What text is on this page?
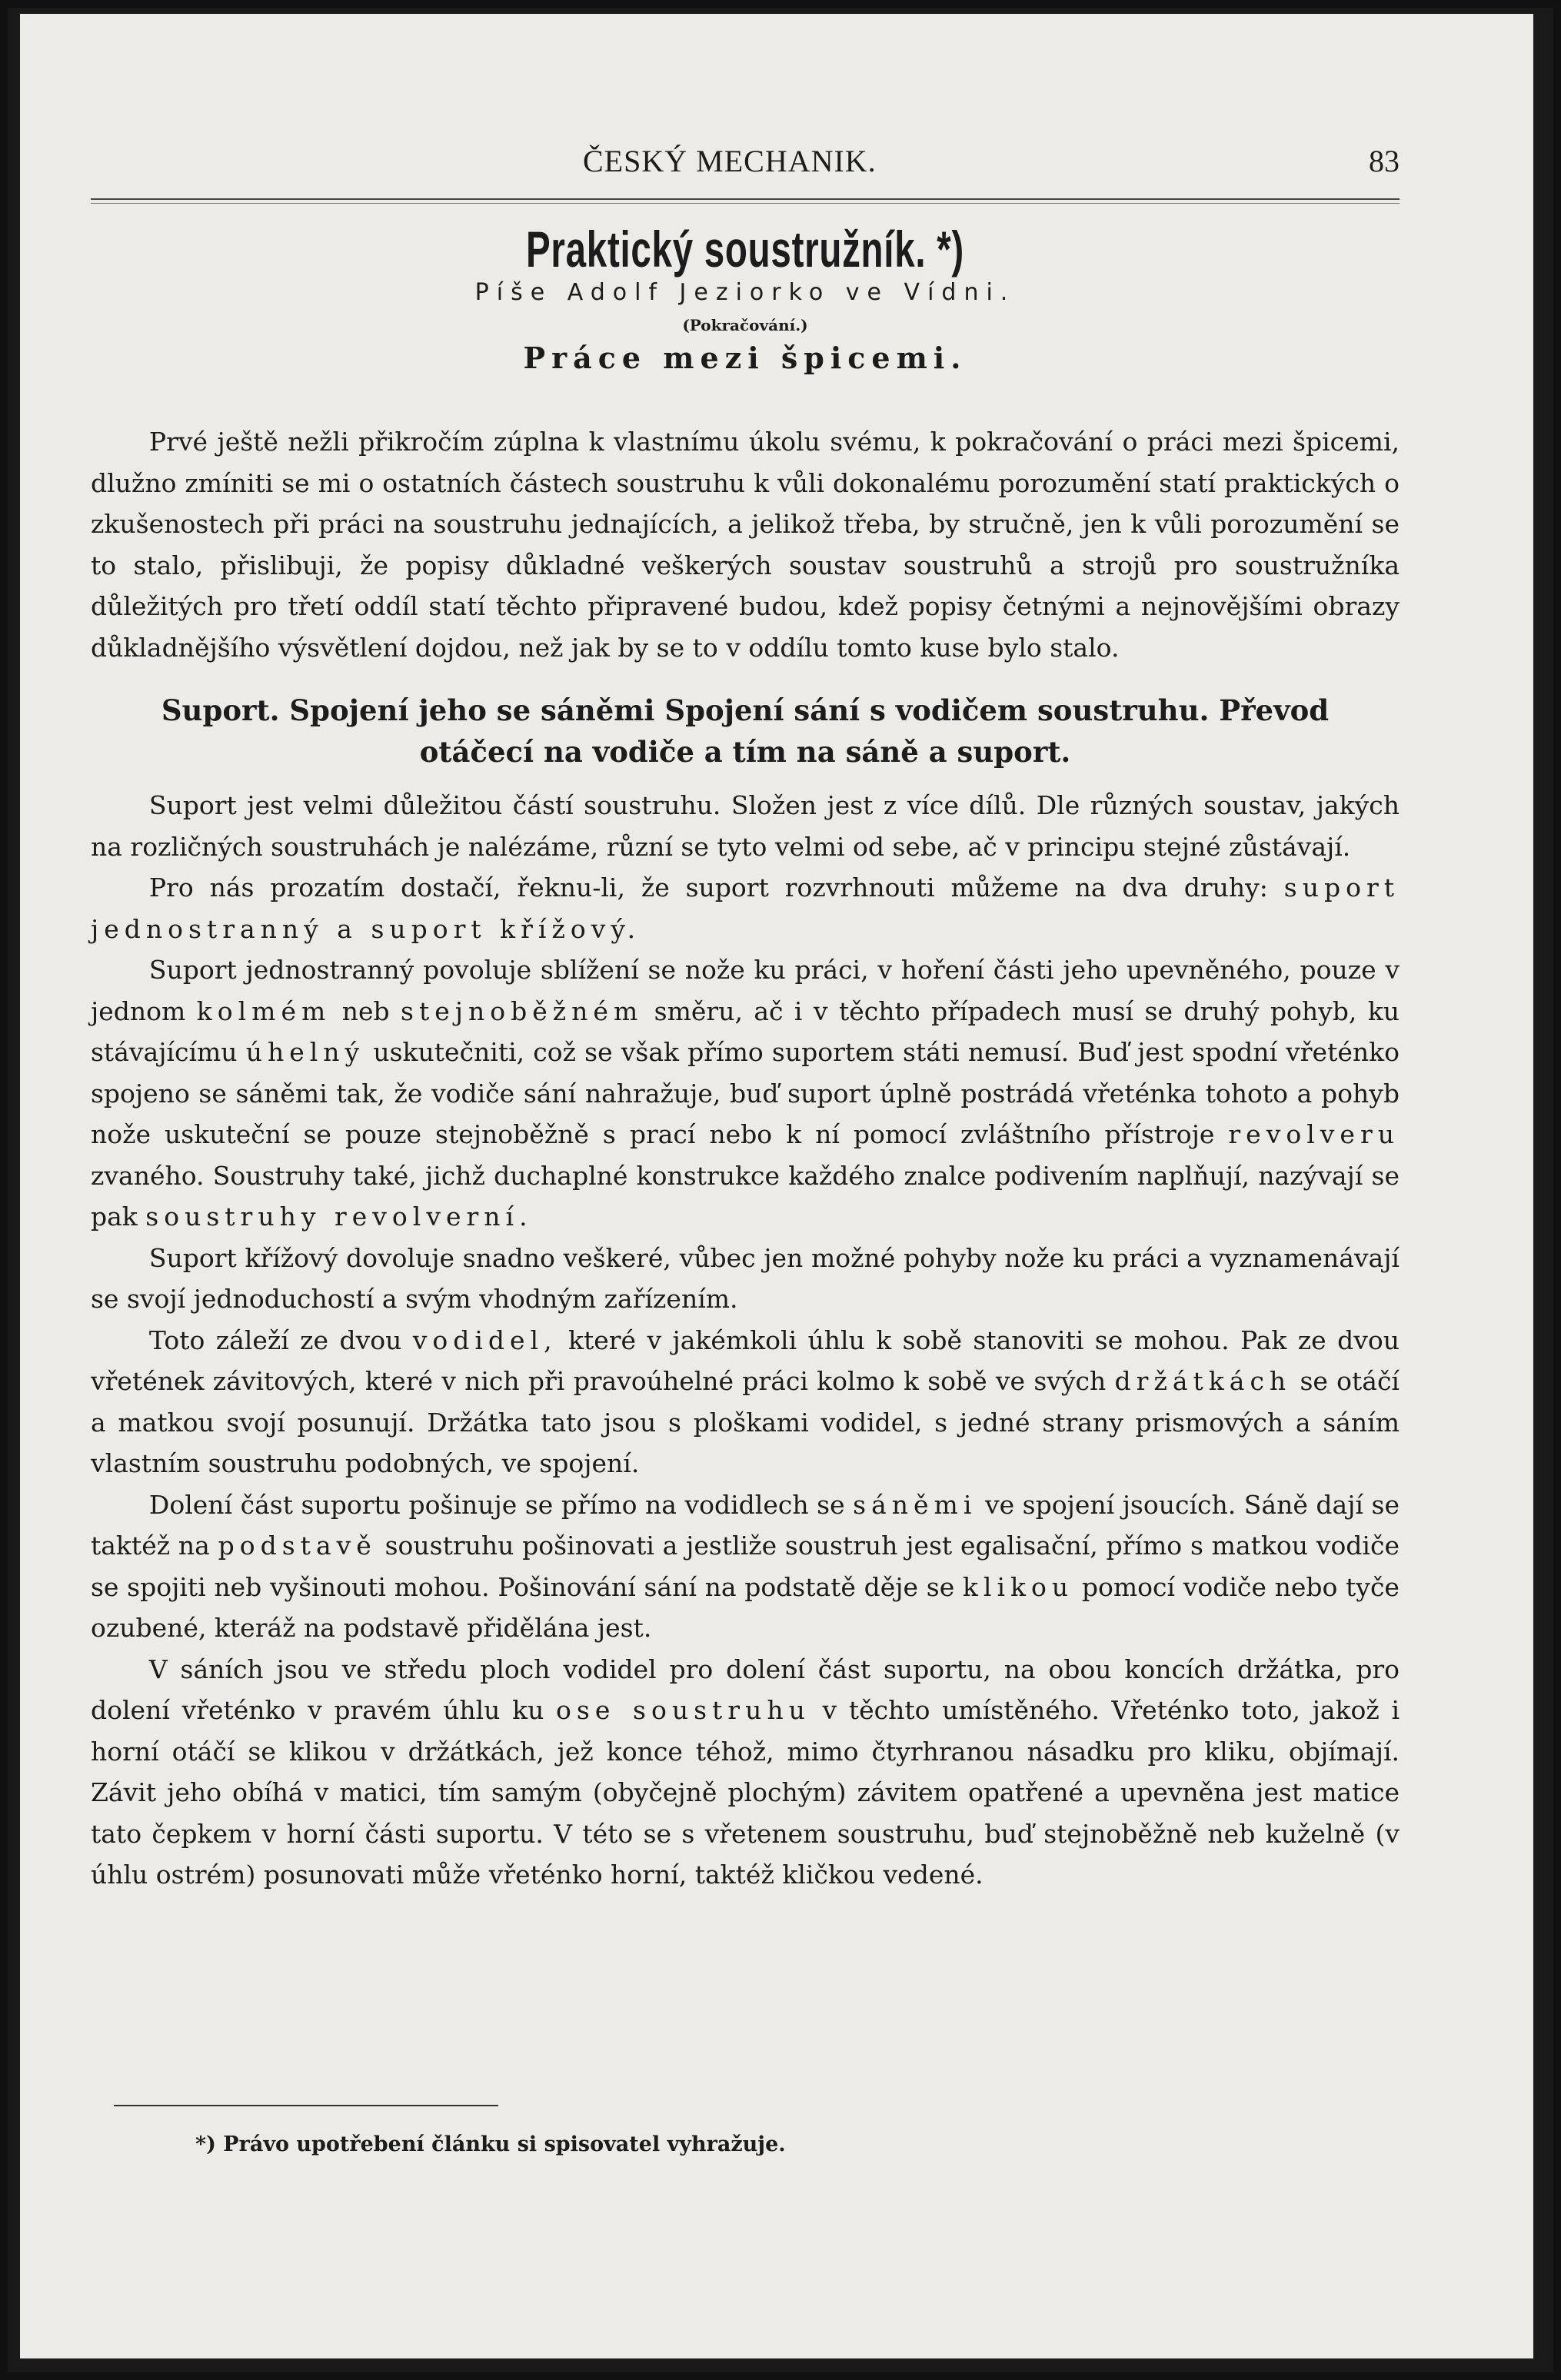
ČESKÝ MECHANIK.	83
Praktický soustružník. *)
Píše Adolf Jeziorko ve Vídni.
(Pokračování.)
Práce mezi špicemi.

Prvé ještě nežli přikročím zúplna k vlastnímu úkolu svému, k pokračování o práci mezi špicemi, dlužno zmíniti se mi o ostatních částech soustruhu k vůli dokonalému porozumění statí praktických o zkušenostech při práci na soustruhu jednajících, a jelikož třeba, by stručně, jen k vůli porozumění se to stalo, přislibuji, že popisy důkladné veškerých soustav soustruhů a strojů pro soustružníka důležitých pro třetí oddíl statí těchto připravené budou, kdež popisy četnými a nejnovějšími obrazy důkladnějšího výsvětlení dojdou, než jak by se to v oddílu tomto kuse bylo stalo.

Suport. Spojení jeho se sáněmi Spojení sání s vodičem soustruhu. Převod
otáčecí na vodiče a tím na sáně a suport.

Suport jest velmi důležitou částí soustruhu. Složen jest z více dílů. Dle různých soustav, jakých na rozličných soustruhách je nalézáme, různí se tyto velmi od sebe, ač v principu stejné zůstávají.

Pro nás prozatím dostačí, řeknu-li, že suport rozvrhnouti můžeme na dva druhy: suport jednostranný a suport křížový.

Suport jednostranný povoluje sblížení se nože ku práci, v hoření části jeho upevněného, pouze v jednom kolmém neb stejnoběžném směru, ač i v těchto případech musí se druhý pohyb, ku stávajícímu úhelný uskutečniti, což se však přímo suportem státi nemusí. Buď jest spodní vřeténko spojeno se sáněmi tak, že vodiče sání nahražuje, buď suport úplně postrádá vřeténka tohoto a pohyb nože uskuteční se pouze stejnoběžně s prací nebo k ní pomocí zvláštního přístroje revolveru zvaného. Soustruhy také, jichž duchaplné konstrukce každého znalce podivením naplňují, nazývají se pak soustruhy revolverní.

Suport křížový dovoluje snadno veškeré, vůbec jen možné pohyby nože ku práci a vyznamenávají se svojí jednoduchostí a svým vhodným zařízením.

Toto záleží ze dvou vodidel, které v jakémkoli úhlu k sobě stanoviti se mohou. Pak ze dvou vřetének závitových, které v nich při pravoúhelné práci kolmo k sobě ve svých držátkách se otáčí a matkou svojí posunují. Držátka tato jsou s ploškami vodidel, s jedné strany prismových a sáním vlastním soustruhu podobných, ve spojení.

Dolení část suportu pošinuje se přímo na vodidlech se sáněmi ve spojení jsoucích. Sáně dají se taktéž na podstavě soustruhu pošinovati a jestliže soustruh jest egalisační, přímo s matkou vodiče se spojiti neb vyšinouti mohou. Pošinování sání na podstatě děje se klikou pomocí vodiče nebo tyče ozubené, kteráž na podstavě přidělána jest.

V sáních jsou ve středu ploch vodidel pro dolení část suportu, na obou koncích držátka, pro dolení vřeténko v pravém úhlu ku ose soustruhu v těchto umístěného. Vřeténko toto, jakož i horní otáčí se klikou v držátkách, jež konce téhož, mimo čtyrhranou násadku pro kliku, objímají. Závit jeho obíhá v matici, tím samým (obyčejně plochým) závitem opatřené a upevněna jest matice tato čepkem v horní části suportu. V této se s vřetenem soustruhu, buď stejnoběžně neb kuželně (v úhlu ostrém) posunovati může vřeténko horní, taktéž kličkou vedené.

*) Právo upotřebení článku si spisovatel vyhražuje.
